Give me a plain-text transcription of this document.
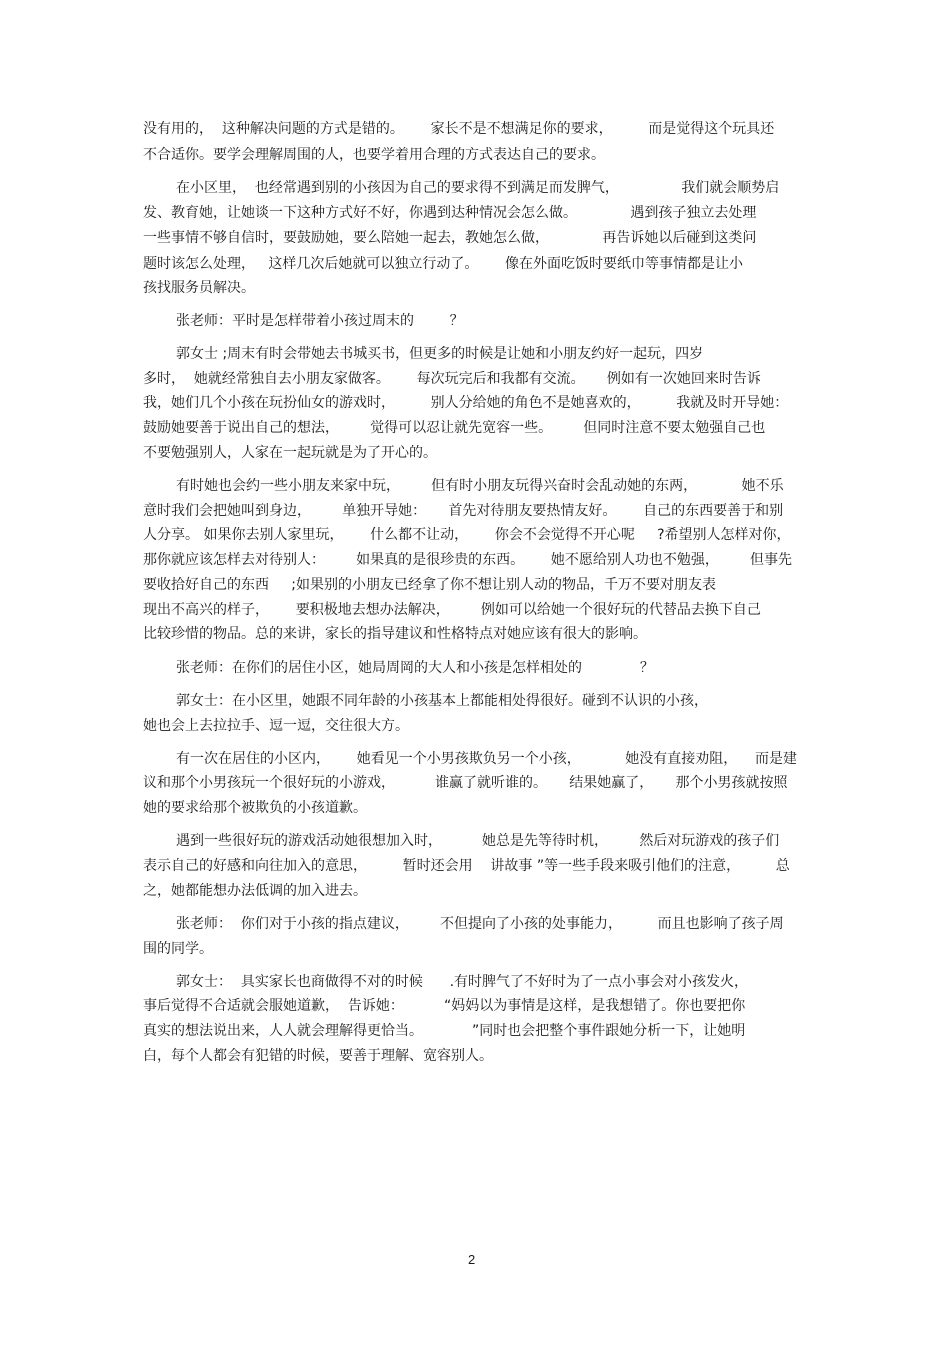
没有用的，  这种解决问题的方式是错的。      家长不是不想满足你的要求，        而是觉得这个玩具还
不合适你。要学会理解周围的人，也要学着用合理的方式表达自己的要求。
在小区里，  也经常遇到别的小孩因为自己的要求得不到满足而发脾气，              我们就会顺势启
发、教育她，让她谈一下这种方式好不好，你遇到达种情况会怎么做。            遇到孩子独立去处理
一些事情不够自信时，要鼓励她，要么陪她一起去，教她怎么做，            再告诉她以后碰到这类问
题时该怎么处理，   这样几次后她就可以独立行动了。      像在外面吃饭时要纸巾等事情都是让小
孩找服务员解决。
张老师：平时是怎样带着小孩过周末的        ？
郭女士 ;周末有时会带她去书城买书，但更多的时候是让她和小朋友约好一起玩，四岁
多时，  她就经常独自去小朋友家做客。      每次玩完后和我都有交流。     例如有一次她回来时告诉
我，她们几个小孩在玩扮仙女的游戏时，        别人分给她的角色不是她喜欢的，        我就及时开导她：
鼓励她要善于说出自己的想法，       觉得可以忍让就先宽容一些。       但同时注意不要太勉强自己也
不要勉强别人，人家在一起玩就是为了开心的。
有时她也会约一些小朋友来家中玩，       但有时小朋友玩得兴奋时会乱动她的东两，          她不乐
意时我们会把她叫到身边，       单独开导她：     首先对待朋友要热情友好。      自己的东西要善于和别
人分享。 如果你去别人家里玩，      什么都不让动，      你会不会觉得不开心呢     ?希望别人怎样对你，
那你就应该怎样去对待别人：       如果真的是很珍贵的东西。      她不愿给别人功也不勉强，       但事先
要收拾好自己的东西     ;如果别的小朋友已经拿了你不想让别人动的物品，千万不要对朋友表
现出不高兴的样子，      要积极地去想办法解决，       例如可以给她一个很好玩的代替品去换下自己
比较珍惜的物品。总的来讲，家长的指导建议和性格特点对她应该有很大的影响。
张老师：在你们的居住小区，她局周岡的大人和小孩是怎样相处的             ？
郭女士：在小区里，她跟不同年龄的小孩基本上都能相处得很好。碰到不认识的小孩，
她也会上去拉拉手、逗一逗，交往很大方。
有一次在居住的小区内，      她看见一个小男孩欺负另一个小孩，          她没有直接劝阻，    而是建
议和那个小男孩玩一个很好玩的小游戏，         谁赢了就听谁的。     结果她赢了，     那个小男孩就按照
她的要求给那个被欺负的小孩道歉。
遇到一些很好玩的游戏活动她很想加入时，         她总是先等待时机，       然后对玩游戏的孩子们
表示自己的好感和向往加入的意思，        暂时还会用    讲故事 ”等一些手段来吸引他们的注意，        总
之，她都能想办法低调的加入进去。
张老师：  你们对于小孩的指点建议，       不但提向了小孩的处事能力，        而且也影响了孩子周
围的同学。
郭女士：  具实家长也商做得不对的时候      .有时脾气了不好时为了一点小事会对小孩发火，
事后觉得不合适就会服她道歉，  告诉她：         “妈妈以为事情是这样，是我想错了。你也要把你
真实的想法说出来，人人就会理解得更恰当。           ”同时也会把整个事件跟她分析一下，让她明
白，每个人都会有犯错的时候，要善于理解、宽容别人。
2
